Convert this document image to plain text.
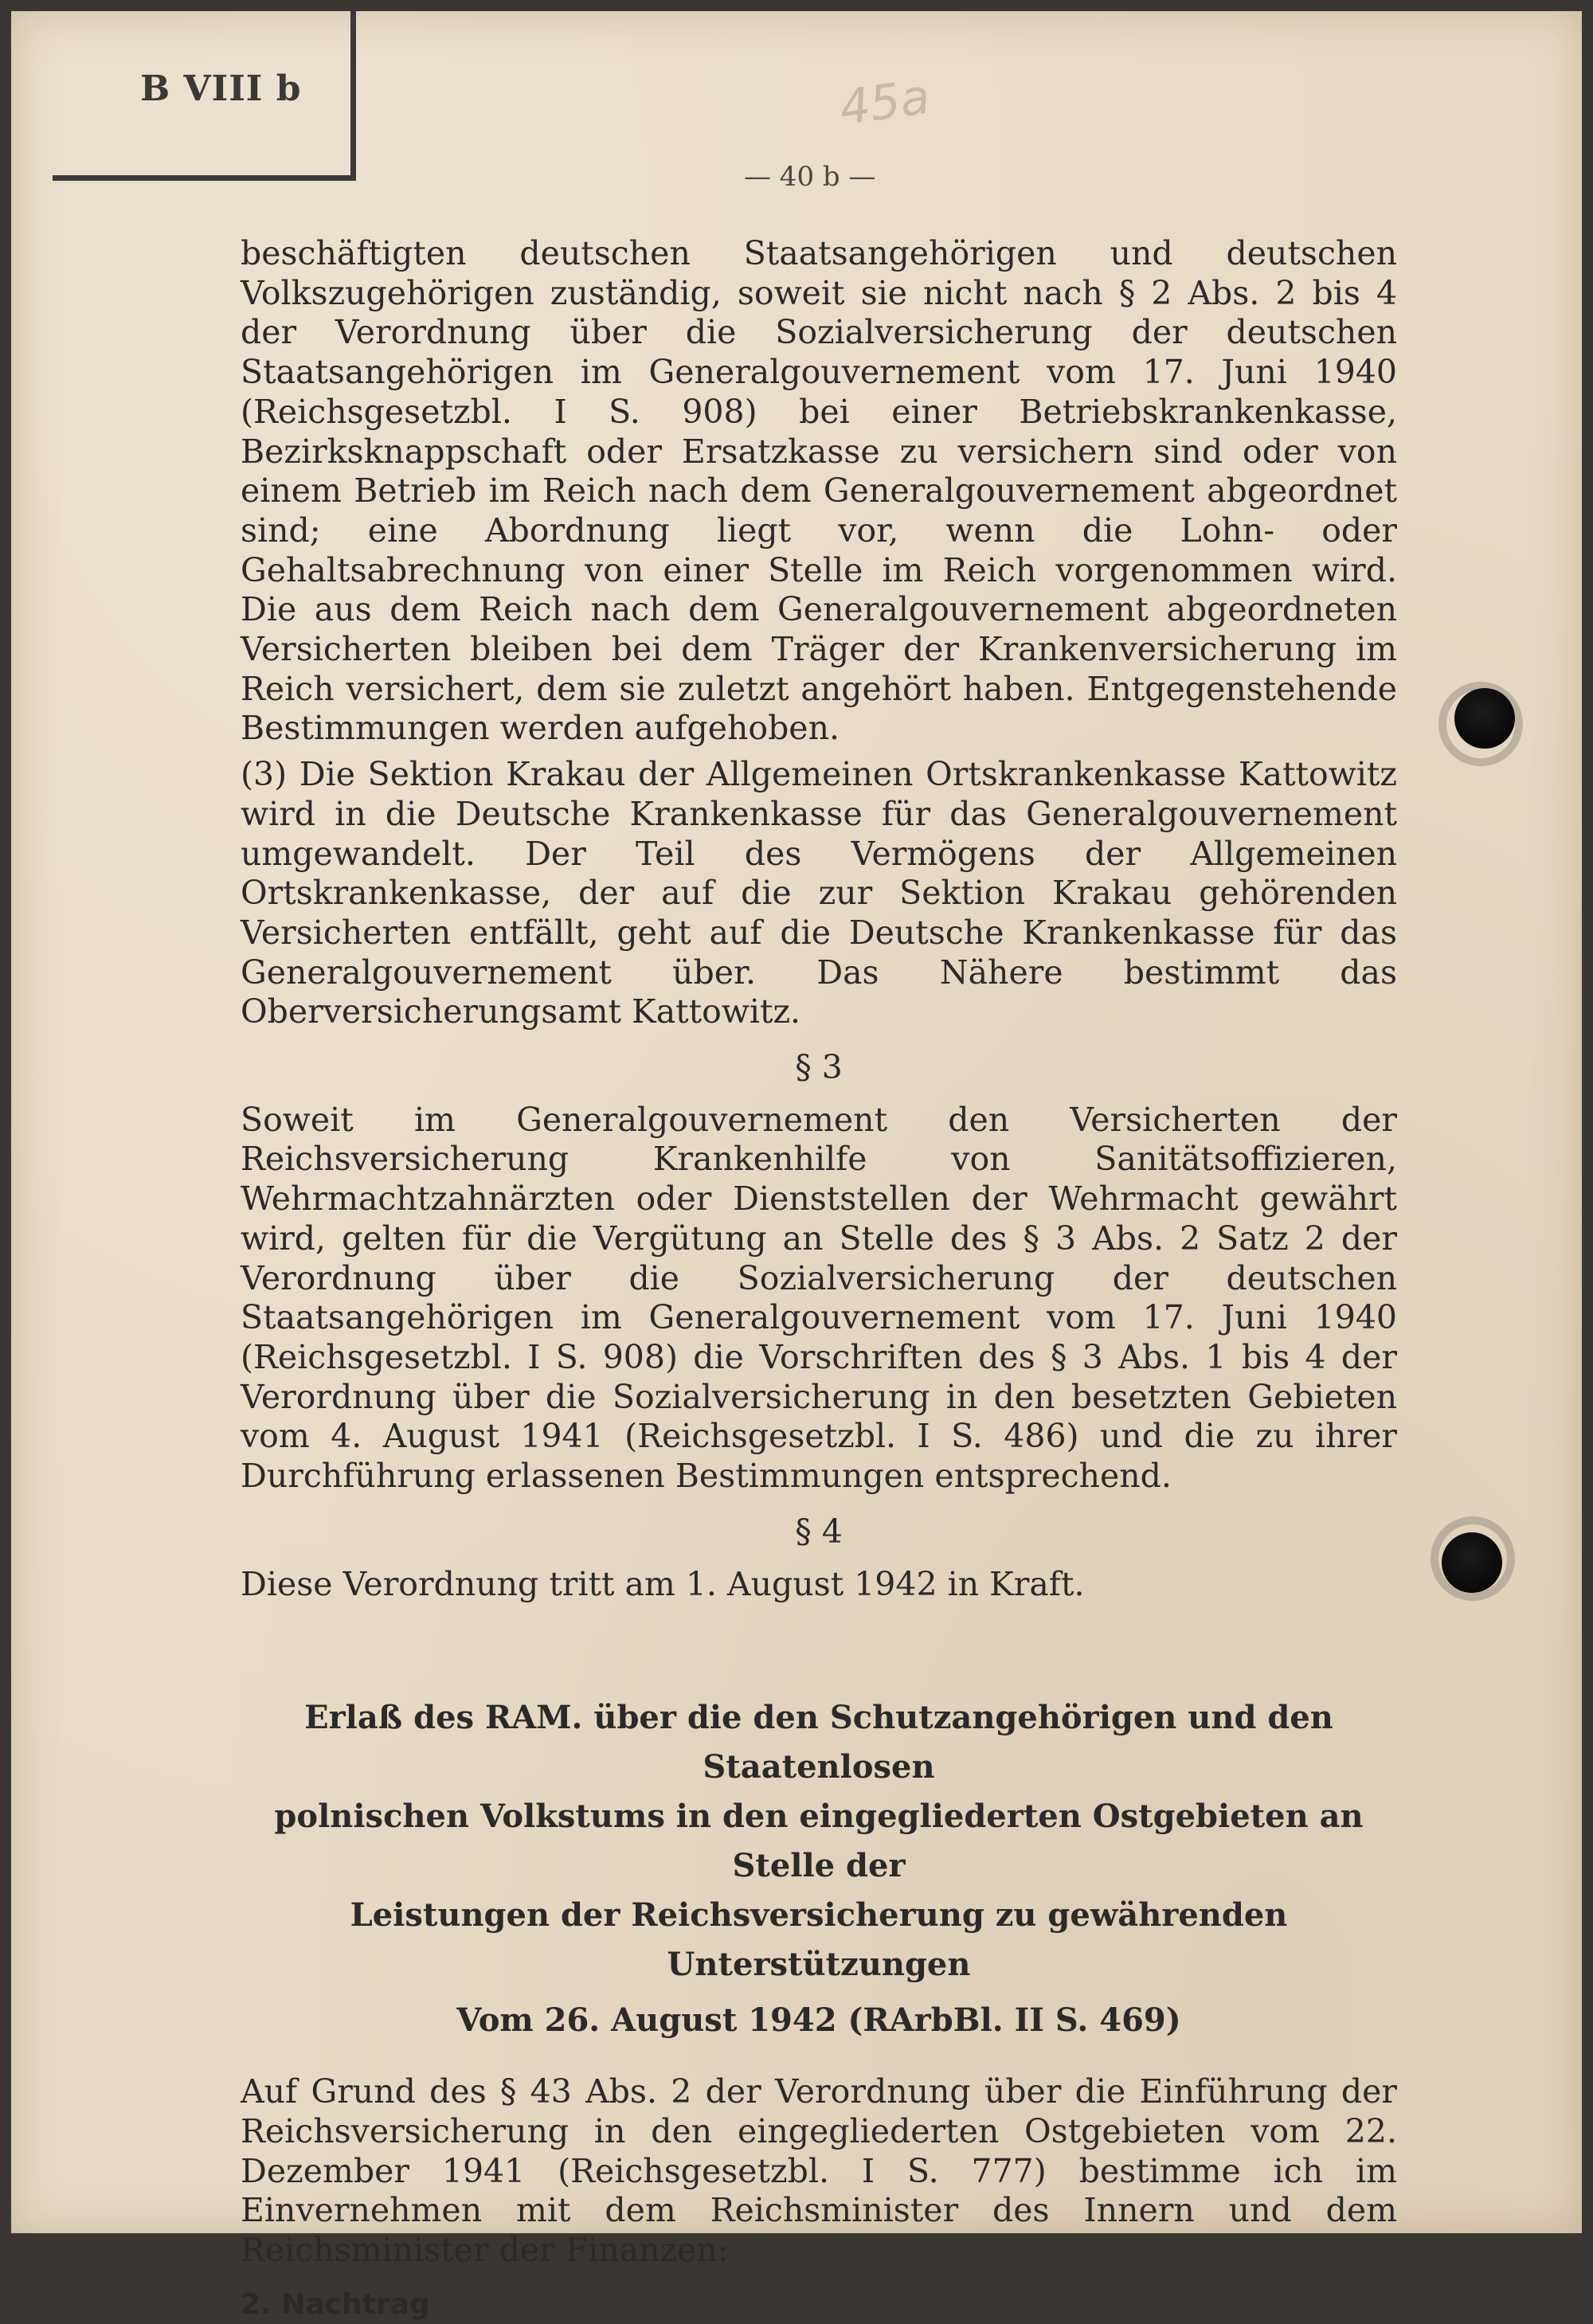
B VIII b	45a
— 40 b —

beschäftigten deutschen Staatsangehörigen und deutschen Volkszugehörigen zuständig, soweit sie nicht nach § 2 Abs. 2 bis 4 der Verordnung über die Sozialversicherung der deutschen Staatsangehörigen im Generalgouvernement vom 17. Juni 1940 (Reichsgesetzbl. I S. 908) bei einer Betriebskrankenkasse, Bezirksknappschaft oder Ersatzkasse zu versichern sind oder von einem Betrieb im Reich nach dem Generalgouvernement abgeordnet sind; eine Abordnung liegt vor, wenn die Lohn- oder Gehaltsabrechnung von einer Stelle im Reich vorgenommen wird. Die aus dem Reich nach dem Generalgouvernement abgeordneten Versicherten bleiben bei dem Träger der Krankenversicherung im Reich versichert, dem sie zuletzt angehört haben. Entgegenstehende Bestimmungen werden aufgehoben.

(3) Die Sektion Krakau der Allgemeinen Ortskrankenkasse Kattowitz wird in die Deutsche Krankenkasse für das Generalgouvernement umgewandelt. Der Teil des Vermögens der Allgemeinen Ortskrankenkasse, der auf die zur Sektion Krakau gehörenden Versicherten entfällt, geht auf die Deutsche Krankenkasse für das Generalgouvernement über. Das Nähere bestimmt das Oberversicherungsamt Kattowitz.

§ 3

Soweit im Generalgouvernement den Versicherten der Reichsversicherung Krankenhilfe von Sanitätsoffizieren, Wehrmachtzahnärzten oder Dienststellen der Wehrmacht gewährt wird, gelten für die Vergütung an Stelle des § 3 Abs. 2 Satz 2 der Verordnung über die Sozialversicherung der deutschen Staatsangehörigen im Generalgouvernement vom 17. Juni 1940 (Reichsgesetzbl. I S. 908) die Vorschriften des § 3 Abs. 1 bis 4 der Verordnung über die Sozialversicherung in den besetzten Gebieten vom 4. August 1941 (Reichsgesetzbl. I S. 486) und die zu ihrer Durchführung erlassenen Bestimmungen entsprechend.

§ 4

Diese Verordnung tritt am 1. August 1942 in Kraft.

Erlaß des RAM. über die den Schutzangehörigen und den Staatenlosen

polnischen Volkstums in den eingegliederten Ostgebieten an Stelle der

Leistungen der Reichsversicherung zu gewährenden Unterstützungen

Vom 26. August 1942 (RArbBl. II S. 469)

Auf Grund des § 43 Abs. 2 der Verordnung über die Einführung der Reichsversicherung in den eingegliederten Ostgebieten vom 22. Dezember 1941 (Reichsgesetzbl. I S. 777) bestimme ich im Einvernehmen mit dem Reichsminister des Innern und dem Reichsminister der Finanzen:

2. Nachtrag
